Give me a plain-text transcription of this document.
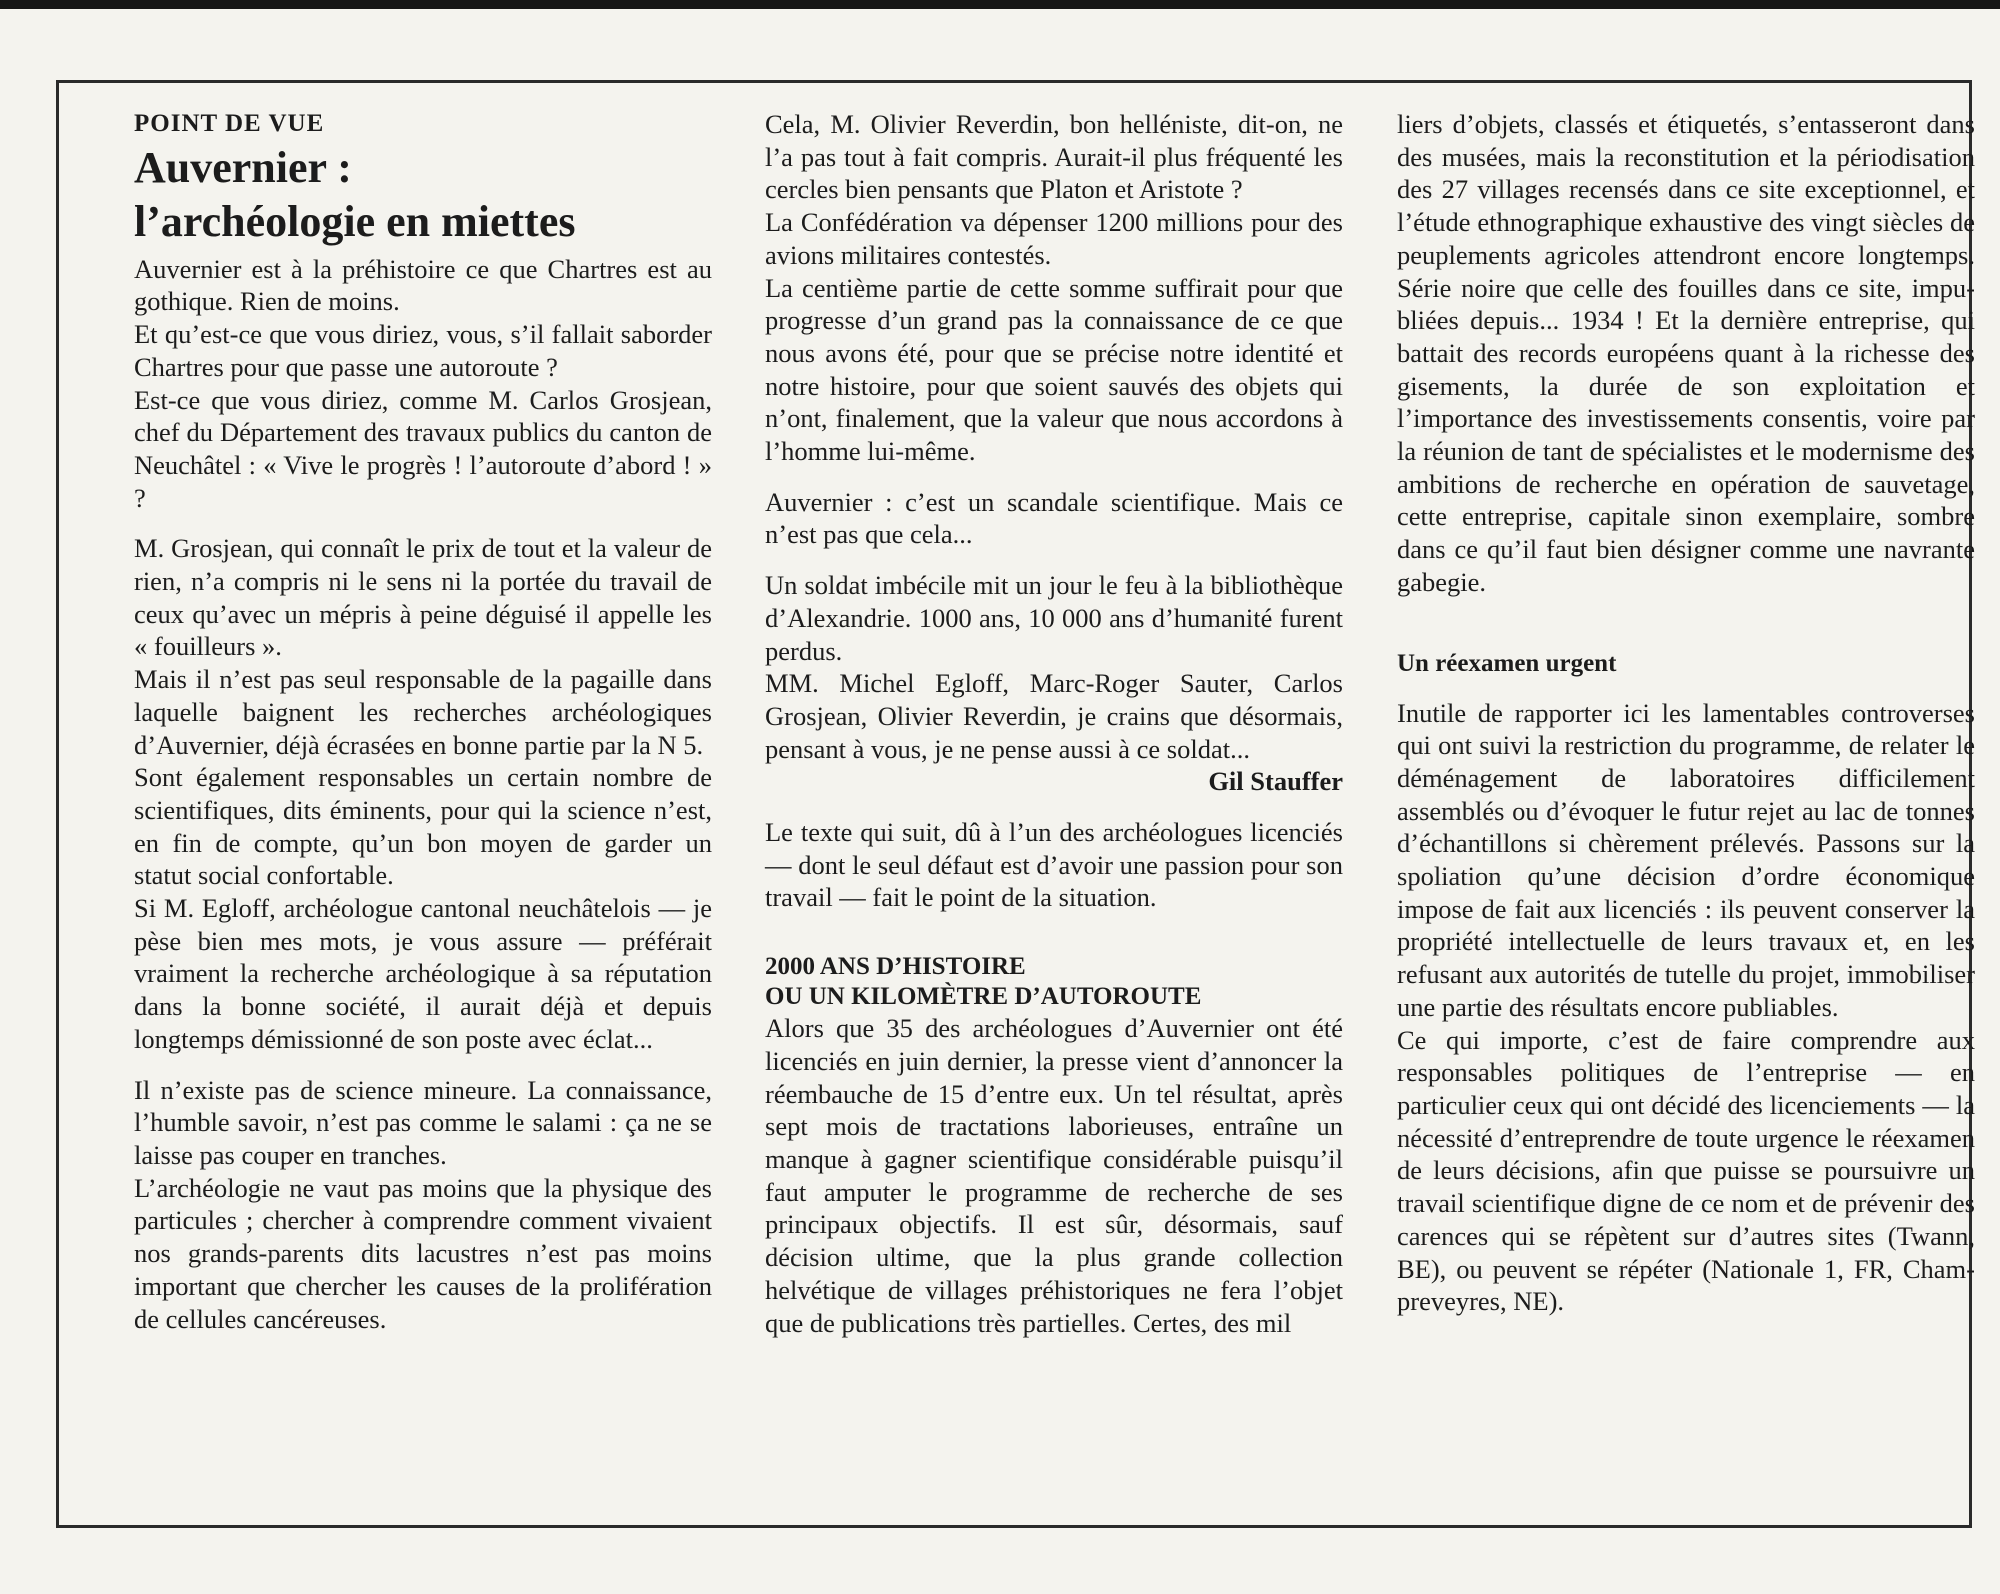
POINT DE VUE

Auvernier :
l’archéologie en miettes

Auvernier est à la préhistoire ce que Chartres est au gothique. Rien de moins.

Et qu’est-ce que vous diriez, vous, s’il fallait saborder Chartres pour que passe une autoroute ?

Est-ce que vous diriez, comme M. Carlos Grosjean, chef du Département des travaux publics du canton de Neuchâtel : « Vive le progrès ! l’autoroute d’abord ! » ?

M. Grosjean, qui connaît le prix de tout et la valeur de rien, n’a compris ni le sens ni la portée du travail de ceux qu’avec un mépris à peine déguisé il appelle les « fouilleurs ».

Mais il n’est pas seul responsable de la pagaille dans laquelle baignent les recherches archéologiques d’Auvernier, déjà écrasées en bonne partie par la N 5.

Sont également responsables un certain nombre de scientifiques, dits éminents, pour qui la science n’est, en fin de compte, qu’un bon moyen de garder un statut social confortable.

Si M. Egloff, archéologue cantonal neuchâtelois — je pèse bien mes mots, je vous assure — préférait vraiment la recherche archéologique à sa réputation dans la bonne société, il aurait déjà et depuis longtemps démissionné de son poste avec éclat...

Il n’existe pas de science mineure. La connaissance, l’humble savoir, n’est pas comme le salami : ça ne se laisse pas couper en tranches.

L’archéologie ne vaut pas moins que la physique des particules ; chercher à comprendre comment vivaient nos grands-parents dits lacustres n’est pas moins important que chercher les causes de la prolifération de cellules cancéreuses.

Cela, M. Olivier Reverdin, bon helléniste, dit-on, ne l’a pas tout à fait compris. Aurait-il plus fréquenté les cercles bien pensants que Platon et Aristote ?

La Confédération va dépenser 1200 millions pour des avions militaires contestés.

La centième partie de cette somme suffirait pour que progresse d’un grand pas la connaissance de ce que nous avons été, pour que se précise notre identité et notre histoire, pour que soient sauvés des objets qui n’ont, finalement, que la valeur que nous accordons à l’homme lui-même.

Auvernier : c’est un scandale scientifique. Mais ce n’est pas que cela...

Un soldat imbécile mit un jour le feu à la bibliothèque d’Alexandrie. 1000 ans, 10 000 ans d’humanité furent perdus.

MM. Michel Egloff, Marc-Roger Sauter, Carlos Grosjean, Olivier Reverdin, je crains que désormais, pensant à vous, je ne pense aussi à ce soldat...

Gil Stauffer

Le texte qui suit, dû à l’un des archéologues licenciés — dont le seul défaut est d’avoir une passion pour son travail — fait le point de la situation.

2000 ANS D’HISTOIRE
OU UN KILOMÈTRE D’AUTOROUTE

Alors que 35 des archéologues d’Auvernier ont été licenciés en juin dernier, la presse vient d’annoncer la réembauche de 15 d’entre eux. Un tel résultat, après sept mois de tractations laborieuses, entraîne un manque à gagner scientifique considérable puisqu’il faut amputer le programme de recherche de ses principaux objectifs. Il est sûr, désormais, sauf décision ultime, que la plus grande collection helvétique de villages préhistoriques ne fera l’objet que de publications très partielles. Certes, des mil

liers d’objets, classés et étiquetés, s’entasseront dans des musées, mais la reconstitution et la périodisation des 27 villages recensés dans ce site exceptionnel, et l’étude ethnographique exhaustive des vingt siècles de peuplements agricoles attendront encore longtemps. Série noire que celle des fouilles dans ce site, impubliées depuis... 1934 ! Et la dernière entreprise, qui battait des records européens quant à la richesse des gisements, la durée de son exploitation et l’importance des investissements consentis, voire par la réunion de tant de spécialistes et le modernisme des ambitions de recherche en opération de sauvetage, cette entreprise, capitale sinon exemplaire, sombre dans ce qu’il faut bien désigner comme une navrante gabegie.

Un réexamen urgent

Inutile de rapporter ici les lamentables controverses qui ont suivi la restriction du programme, de relater le déménagement de laboratoires difficilement assemblés ou d’évoquer le futur rejet au lac de tonnes d’échantillons si chèrement prélevés. Passons sur la spoliation qu’une décision d’ordre économique impose de fait aux licenciés : ils peuvent conserver la propriété intellectuelle de leurs travaux et, en les refusant aux autorités de tutelle du projet, immobiliser une partie des résultats encore publiables.

Ce qui importe, c’est de faire comprendre aux responsables politiques de l’entreprise — en particulier ceux qui ont décidé des licenciements — la nécessité d’entreprendre de toute urgence le réexamen de leurs décisions, afin que puisse se poursuivre un travail scientifique digne de ce nom et de prévenir des carences qui se répètent sur d’autres sites (Twann, BE), ou peuvent se répéter (Nationale 1, FR, Champreveyres, NE).
